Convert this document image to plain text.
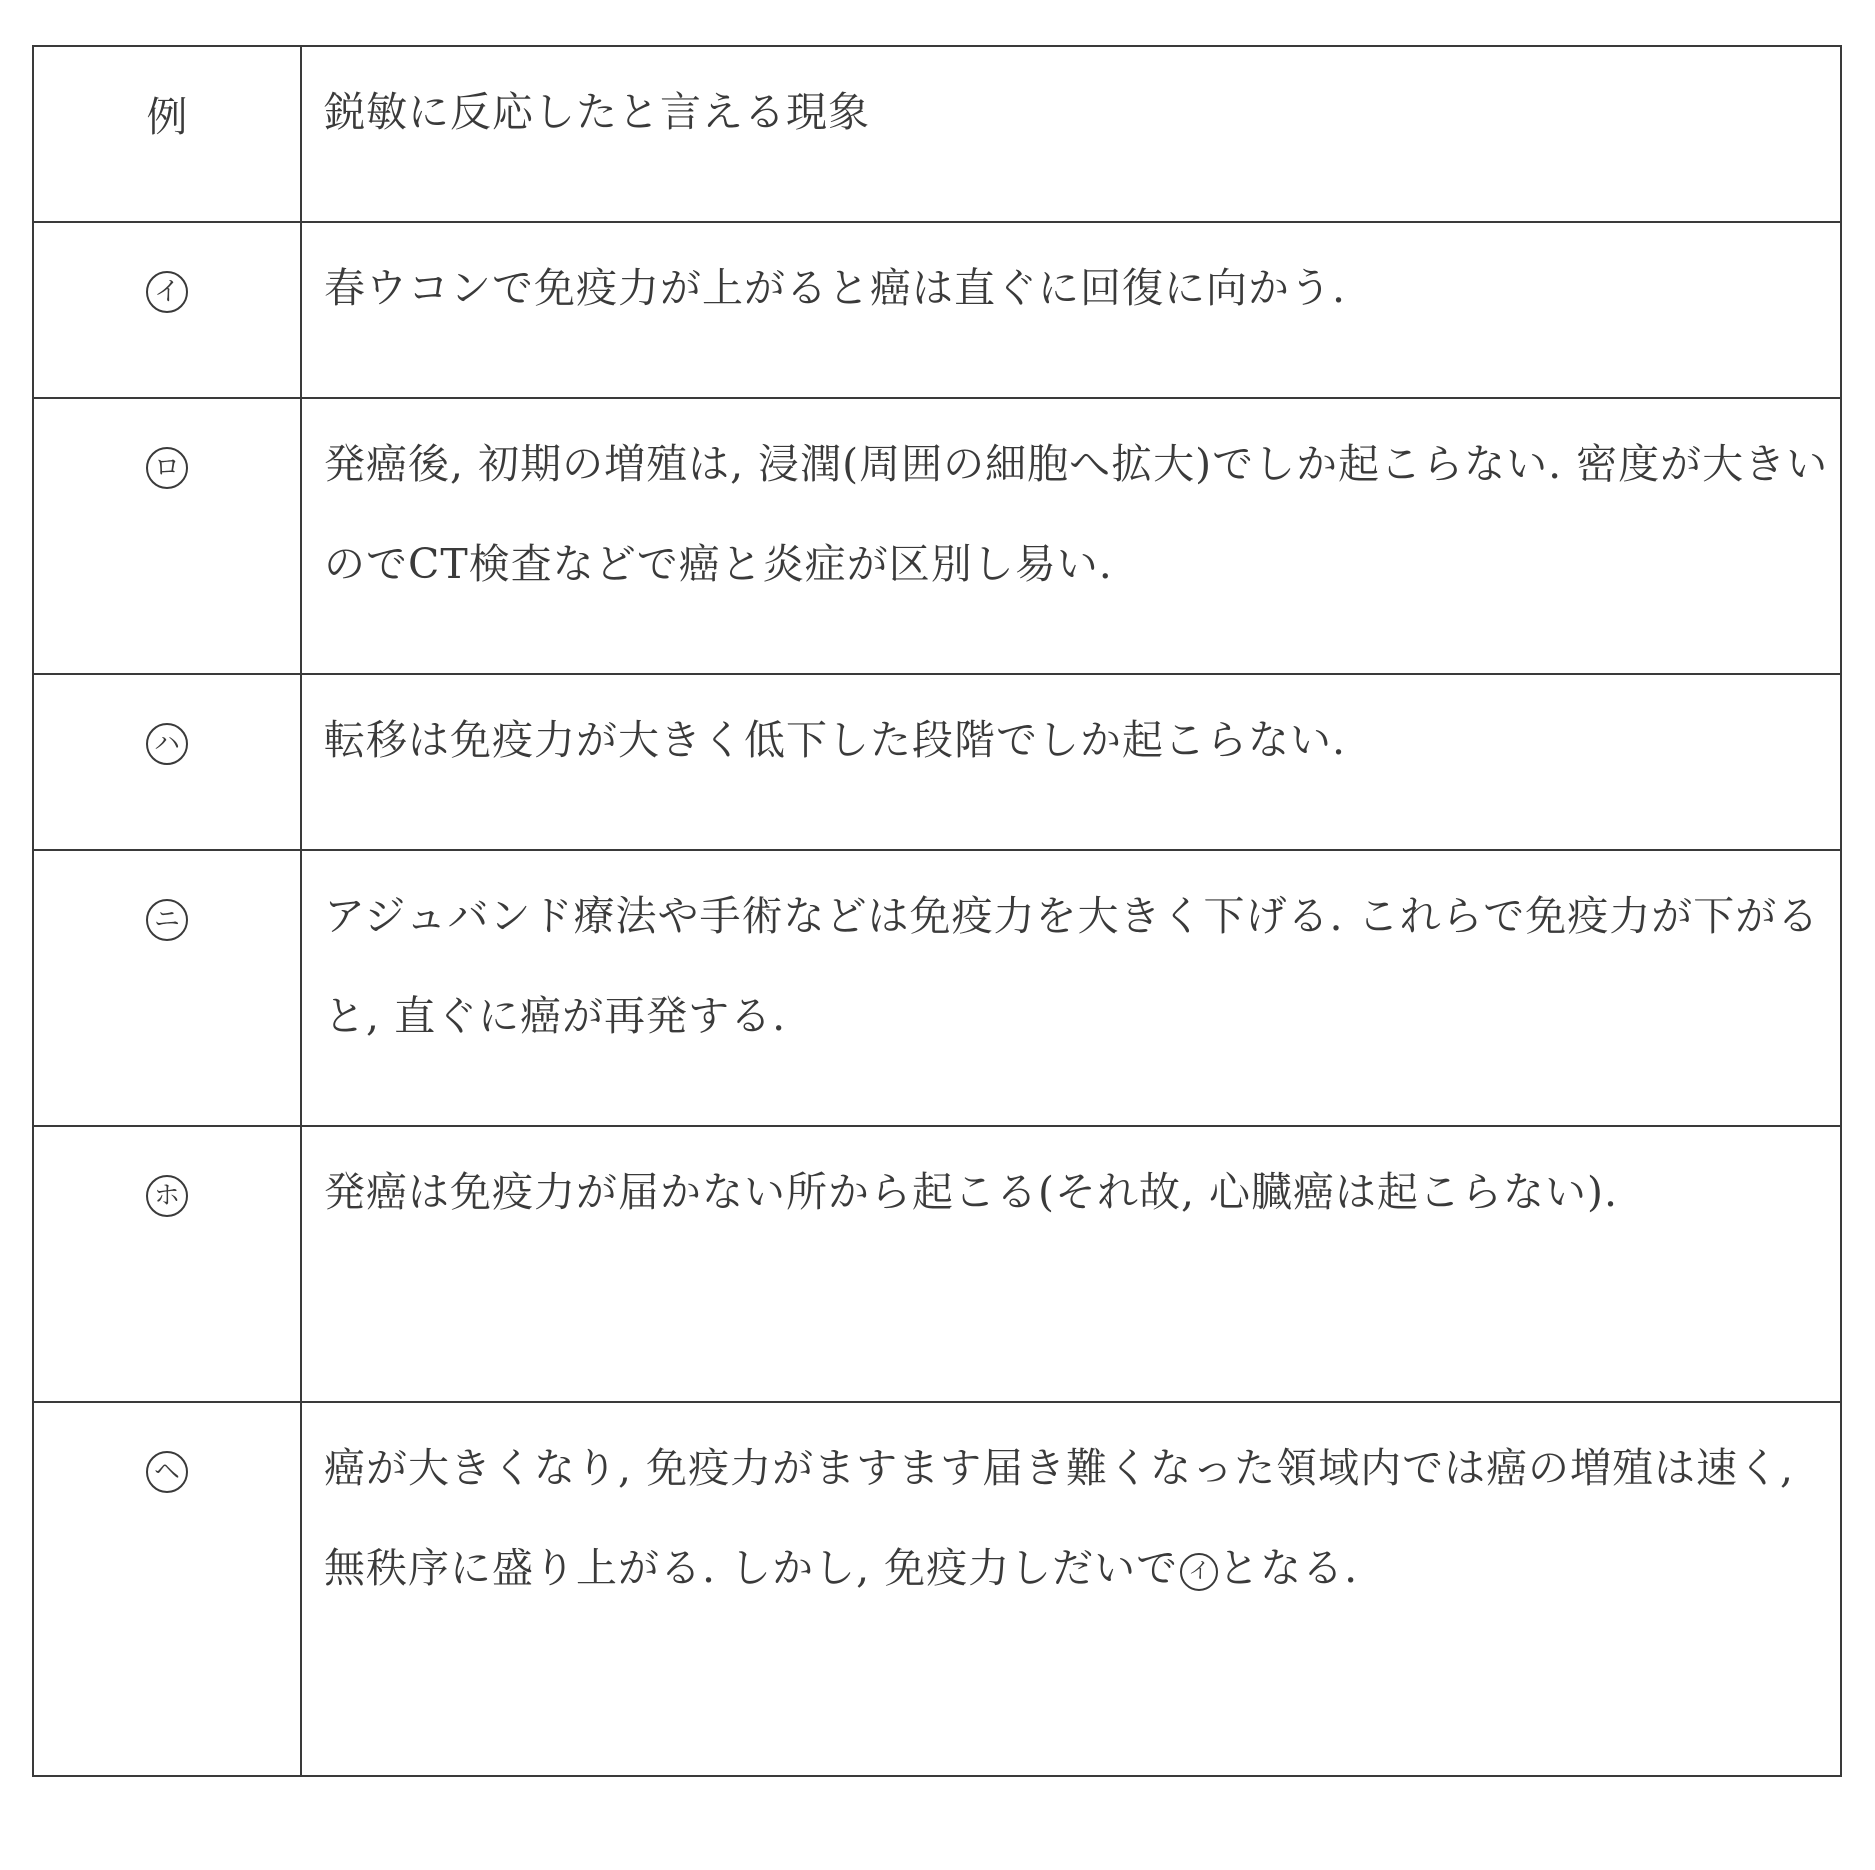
例	鋭敏に反応したと言える現象

イ	春ウコンで免疫力が上がると癌は直ぐに回復に向かう.

ロ	発癌後, 初期の増殖は, 浸潤(周囲の細胞へ拡大)でしか起こらない. 密度が大きいのでCT検査などで癌と炎症が区別し易い.

ハ	転移は免疫力が大きく低下した段階でしか起こらない.

ニ	アジュバンド療法や手術などは免疫力を大きく下げる. これらで免疫力が下がると, 直ぐに癌が再発する.

ホ	発癌は免疫力が届かない所から起こる(それ故, 心臓癌は起こらない).

ヘ	癌が大きくなり, 免疫力がますます届き難くなった領域内では癌の増殖は速く, 無秩序に盛り上がる. しかし, 免疫力しだいで イ となる.
